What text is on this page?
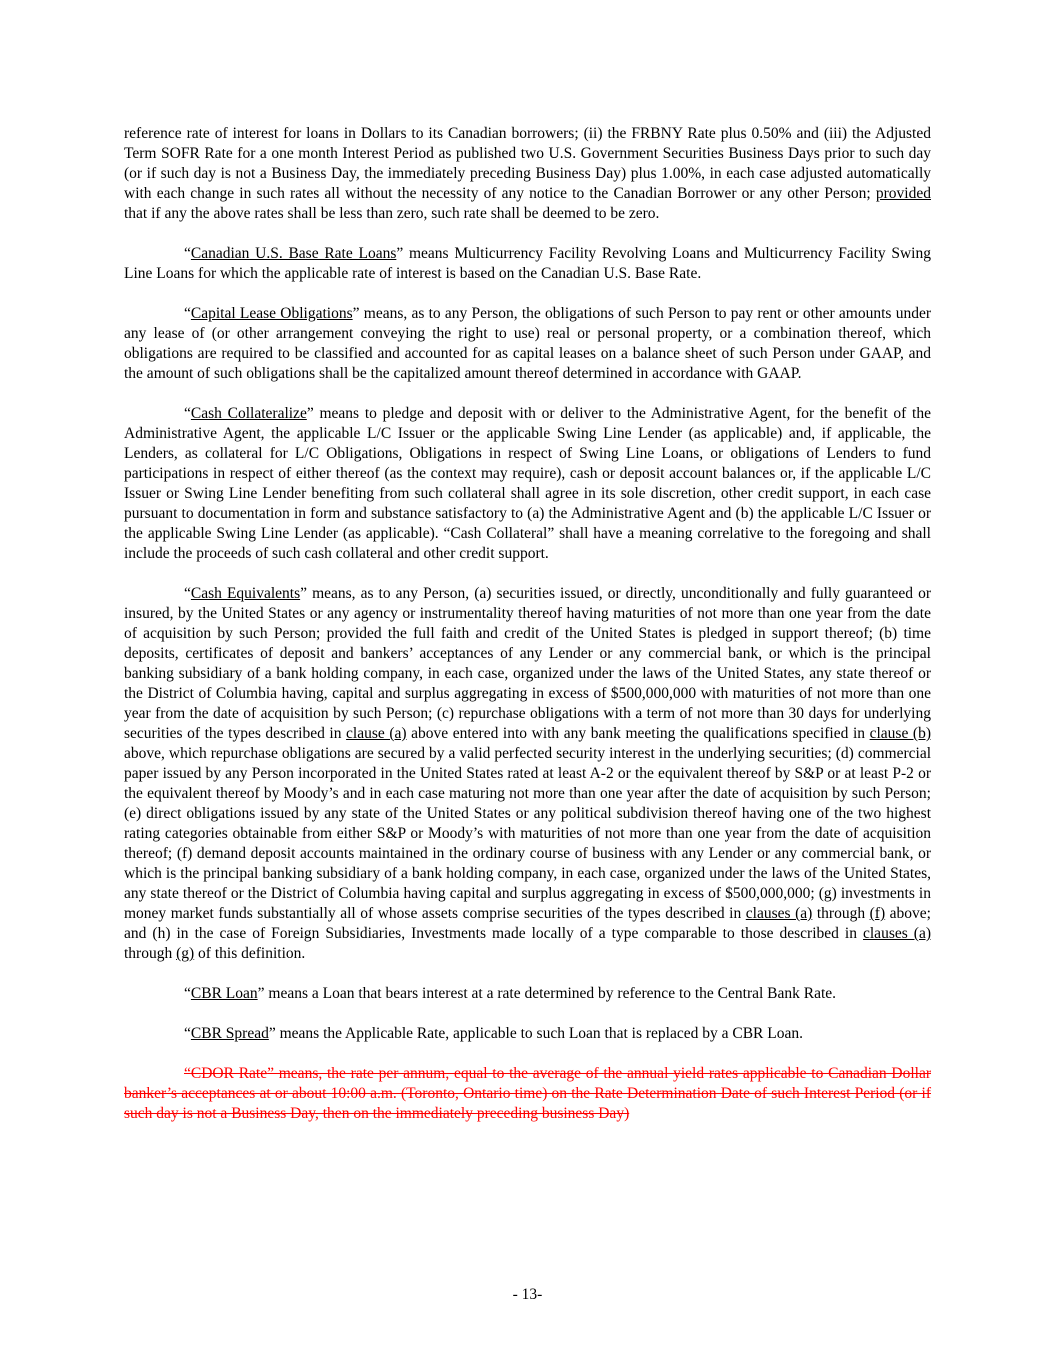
reference rate of interest for loans in Dollars to its Canadian borrowers; (ii) the FRBNY Rate plus 0.50% and (iii) the Adjusted Term SOFR Rate for a one month Interest Period as published two U.S. Government Securities Business Days prior to such day (or if such day is not a Business Day, the immediately preceding Business Day) plus 1.00%, in each case adjusted automatically with each change in such rates all without the necessity of any notice to the Canadian Borrower or any other Person; provided that if any the above rates shall be less than zero, such rate shall be deemed to be zero.

“Canadian U.S. Base Rate Loans” means Multicurrency Facility Revolving Loans and Multicurrency Facility Swing Line Loans for which the applicable rate of interest is based on the Canadian U.S. Base Rate.

“Capital Lease Obligations” means, as to any Person, the obligations of such Person to pay rent or other amounts under any lease of (or other arrangement conveying the right to use) real or personal property, or a combination thereof, which obligations are required to be classified and accounted for as capital leases on a balance sheet of such Person under GAAP, and the amount of such obligations shall be the capitalized amount thereof determined in accordance with GAAP.

“Cash Collateralize” means to pledge and deposit with or deliver to the Administrative Agent, for the benefit of the Administrative Agent, the applicable L/C Issuer or the applicable Swing Line Lender (as applicable) and, if applicable, the Lenders, as collateral for L/C Obligations, Obligations in respect of Swing Line Loans, or obligations of Lenders to fund participations in respect of either thereof (as the context may require), cash or deposit account balances or, if the applicable L/C Issuer or Swing Line Lender benefiting from such collateral shall agree in its sole discretion, other credit support, in each case pursuant to documentation in form and substance satisfactory to (a) the Administrative Agent and (b) the applicable L/C Issuer or the applicable Swing Line Lender (as applicable). “Cash Collateral” shall have a meaning correlative to the foregoing and shall include the proceeds of such cash collateral and other credit support.

“Cash Equivalents” means, as to any Person, (a) securities issued, or directly, unconditionally and fully guaranteed or insured, by the United States or any agency or instrumentality thereof having maturities of not more than one year from the date of acquisition by such Person; provided the full faith and credit of the United States is pledged in support thereof; (b) time deposits, certificates of deposit and bankers’ acceptances of any Lender or any commercial bank, or which is the principal banking subsidiary of a bank holding company, in each case, organized under the laws of the United States, any state thereof or the District of Columbia having, capital and surplus aggregating in excess of $500,000,000 with maturities of not more than one year from the date of acquisition by such Person; (c) repurchase obligations with a term of not more than 30 days for underlying securities of the types described in clause (a) above entered into with any bank meeting the qualifications specified in clause (b) above, which repurchase obligations are secured by a valid perfected security interest in the underlying securities; (d) commercial paper issued by any Person incorporated in the United States rated at least A-2 or the equivalent thereof by S&P or at least P-2 or the equivalent thereof by Moody’s and in each case maturing not more than one year after the date of acquisition by such Person; (e) direct obligations issued by any state of the United States or any political subdivision thereof having one of the two highest rating categories obtainable from either S&P or Moody’s with maturities of not more than one year from the date of acquisition thereof; (f) demand deposit accounts maintained in the ordinary course of business with any Lender or any commercial bank, or which is the principal banking subsidiary of a bank holding company, in each case, organized under the laws of the United States, any state thereof or the District of Columbia having capital and surplus aggregating in excess of $500,000,000; (g) investments in money market funds substantially all of whose assets comprise securities of the types described in clauses (a) through (f) above; and (h) in the case of Foreign Subsidiaries, Investments made locally of a type comparable to those described in clauses (a) through (g) of this definition.

“CBR Loan” means a Loan that bears interest at a rate determined by reference to the Central Bank Rate.

“CBR Spread” means the Applicable Rate, applicable to such Loan that is replaced by a CBR Loan.

“CDOR Rate” means, the rate per annum, equal to the average of the annual yield rates applicable to Canadian Dollar banker’s acceptances at or about 10:00 a.m. (Toronto, Ontario time) on the Rate Determination Date of such Interest Period (or if such day is not a Business Day, then on the immediately preceding business Day)

- 13-
